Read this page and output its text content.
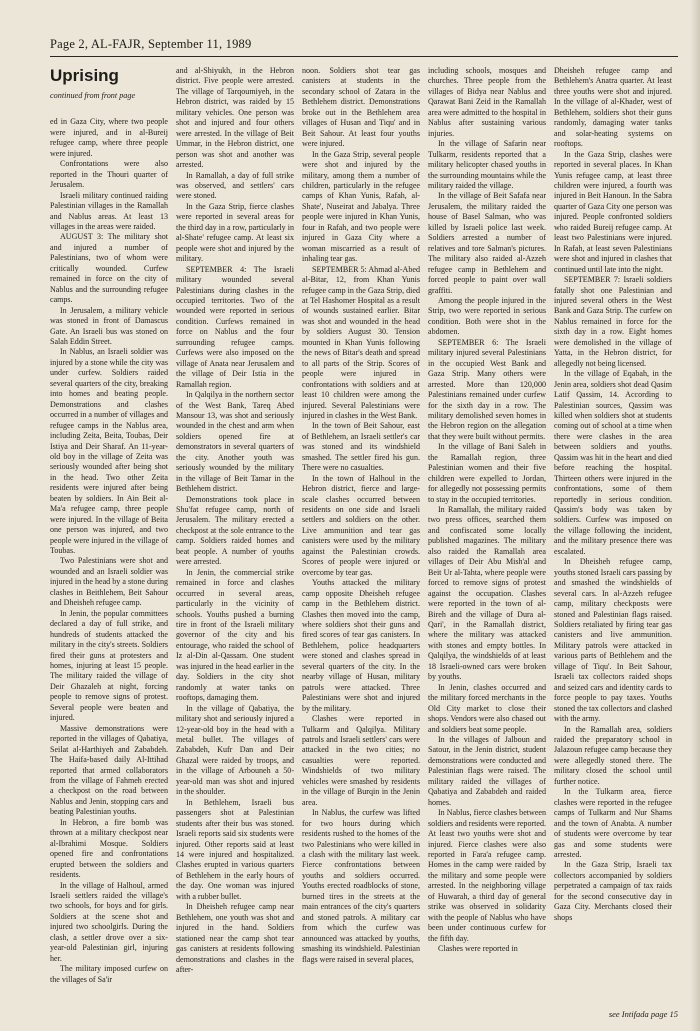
Page 2, AL-FAJR, September 11, 1989
Uprising
continued from front page

ed in Gaza City, where two people were injured, and in al-Bureij refugee camp, where three people were injured.

Confrontations were also reported in the Thouri quarter of Jerusalem.

Israeli military continued raiding Palestinian villages in the Ramallah and Nablus areas. At least 13 villages in the areas were raided.

AUGUST 3: The military shot and injured a number of Palestinians, two of whom were critically wounded. Curfew remained in force on the city of Nablus and the surrounding refugee camps.

In Jerusalem, a military vehicle was stoned in front of Damascus Gate. An Israeli bus was stoned on Salah Eddin Street.

In Nablus, an Israeli soldier was injured by a stone while the city was under curfew. Soldiers raided several quarters of the city, breaking into homes and beating people. Demonstrations and clashes occurred in a number of villages and refugee camps in the Nablus area, including Zeita, Beita, Toubas, Deir Istiya and Deir Sharaf. An 11-year-old boy in the village of Zeita was seriously wounded after being shot in the head. Two other Zeita residents were injured after being beaten by soldiers. In Ain Beit al-Ma'a refugee camp, three people were injured. In the village of Beita one person was injured, and two people were injured in the village of Toubas.

Two Palestinians were shot and wounded and an Israeli soldier was injured in the head by a stone during clashes in Beithlehem, Beit Sahour and Dheisheh refugee camp.

In Jenin, the popular committees declared a day of full strike, and hundreds of students attacked the military in the city's streets. Soldiers fired their guns at protesters and homes, injuring at least 15 people. The military raided the village of Deir Ghazaleh at night, forcing people to remove signs of protest. Several people were beaten and injured.

Massive demonstrations were reported in the villages of Qabatiya, Seilat al-Harthiyeh and Zababdeh. The Haifa-based daily Al-Ittihad reported that armed collaborators from the village of Fahmeh erected a checkpost on the road between Nablus and Jenin, stopping cars and beating Palestinian youths.

In Hebron, a fire bomb was thrown at a military checkpost near al-Ibrahimi Mosque. Soldiers opened fire and confrontations erupted between the soldiers and residents.

In the village of Halhoul, armed Israeli settlers raided the village's two schools, for boys and for girls. Soldiers at the scene shot and injured two schoolgirls. During the clash, a settler drove over a six-year-old Palestinian girl, injuring her.

The military imposed curfew on the villages of Sa'ir

and al-Shiyukh, in the Hebron district. Five people were arrested. The village of Tarqoumiyeh, in the Hebron district, was raided by 15 military vehicles. One person was shot and injured and four others were arrested. In the village of Beit Ummar, in the Hebron district, one person was shot and another was arrested.

In Ramallah, a day of full strike was observed, and settlers' cars were stoned.

In the Gaza Strip, fierce clashes were reported in several areas for the third day in a row, particularly in al-Shate' refugee camp. At least six people were shot and injured by the military.

SEPTEMBER 4: The Israeli military wounded several Palestinians during clashes in the occupied territories. Two of the wounded were reported in serious condition. Curfews remained in force on Nablus and the four surrounding refugee camps. Curfews were also imposed on the village of Anata near Jerusalem and the village of Deir Istia in the Ramallah region.

In Qalqilya in the northern sector of the West Bank, Tareq Abed Mansour 13, was shot and seriously wounded in the chest and arm when soldiers opened fire at demonstrators in several quarters of the city. Another youth was seriously wounded by the military in the village of Beit Tamar in the Bethlehem district.

Demonstrations took place in Shu'fat refugee camp, north of Jerusalem. The military erected a checkpost at the sole entrance to the camp. Soldiers raided homes and beat people. A number of youths were arrested.

In Jenin, the commercial strike remained in force and clashes occurred in several areas, particularly in the vicinity of schools. Youths pushed a burning tire in front of the Israeli military governor of the city and his entourage, who raided the school of Iz al-Din al-Qassam. One student was injured in the head earlier in the day. Soldiers in the city shot randomly at water tanks on rooftops, damaging them.

In the village of Qabatiya, the military shot and seriously injured a 12-year-old boy in the head with a metal bullet. The villages of Zababdeh, Kufr Dan and Deir Ghazal were raided by troops, and in the village of Arbouneh a 50-year-old man was shot and injured in the shoulder.

In Bethlehem, Israeli bus passengers shot at Palestinian students after their bus was stoned. Israeli reports said six students were injured. Other reports said at least 14 were injured and hospitalized. Clashes erupted in various quarters of Bethlehem in the early hours of the day. One woman was injured with a rubber bullet.

In Dheisheh refugee camp near Bethlehem, one youth was shot and injured in the hand. Soldiers stationed near the camp shot tear gas canisters at residents following demonstrations and clashes in the after-

noon. Soldiers shot tear gas canisters at students in the secondary school of Zatara in the Bethlehem district. Demonstrations broke out in the Bethlehem area villages of Husan and Tiqu' and in Beit Sahour. At least four youths were injured.

In the Gaza Strip, several people were shot and injured by the military, among them a number of children, particularly in the refugee camps of Khan Yunis, Rafah, al-Shate', Nuseirat and Jabalya. Three people were injured in Khan Yunis, four in Rafah, and two people were injured in Gaza City where a woman miscarried as a result of inhaling tear gas.

SEPTEMBER 5: Ahmad al-Abed al-Bitar, 12, from Khan Yunis refugee camp in the Gaza Strip, died at Tel Hashomer Hospital as a result of wounds sustained earlier. Bitar was shot and wounded in the head by soldiers August 30. Tension mounted in Khan Yunis following the news of Bitar's death and spread to all parts of the Strip. Scores of people were injured in confrontations with soldiers and at least 10 children were among the injured. Several Palestinians were injured in clashes in the West Bank.

In the town of Beit Sahour, east of Bethlehem, an Israeli settler's car was stoned and its windshield smashed. The settler fired his gun. There were no casualties.

In the town of Halhoul in the Hebron district, fierce and large-scale clashes occurred between residents on one side and Israeli settlers and soldiers on the other. Live ammunition and tear gas canisters were used by the military against the Palestinian crowds. Scores of people were injured or overcome by tear gas.

Youths attacked the military camp opposite Dheisheh refugee camp in the Bethlehem district. Clashes then moved into the camp, where soldiers shot their guns and fired scores of tear gas canisters. In Bethlehem, police headquarters were stoned and clashes spread in several quarters of the city. In the nearby village of Husan, military patrols were attacked. Three Palestinians were shot and injured by the military.

Clashes were reported in Tulkarm and Qalqilya. Military patrols and Israeli settlers' cars were attacked in the two cities; no casualties were reported. Windshields of two military vehicles were smashed by residents in the village of Burqin in the Jenin area.

In Nablus, the curfew was lifted for two hours during which residents rushed to the homes of the two Palestinians who were killed in a clash with the military last week. Fierce confrontations between youths and soldiers occurred. Youths erected roadblocks of stone, burned tires in the streets at the main entrances of the city's quarters and stoned patrols. A military car from which the curfew was announced was attacked by youths, smashing its windshield. Palestinian flags were raised in several places,

including schools, mosques and churches. Three people from the villages of Bidya near Nablus and Qarawat Bani Zeid in the Ramallah area were admitted to the hospital in Nablus after sustaining various injuries.

In the village of Safarin near Tulkarm, residents reported that a military helicopter chased youths in the surrounding mountains while the military raided the village.

In the village of Beit Safafa near Jerusalem, the military raided the house of Basel Salman, who was killed by Israeli police last week. Soldiers arrested a number of relatives and tore Salman's pictures. The military also raided al-Azzeh refugee camp in Bethlehem and forced people to paint over wall graffiti.

Among the people injured in the Strip, two were reported in serious condition. Both were shot in the abdomen.

SEPTEMBER 6: The Israeli military injured several Palestinians in the occupied West Bank and Gaza Strip. Many others were arrested. More than 120,000 Palestinians remained under curfew for the sixth day in a row. The military demolished seven homes in the Hebron region on the allegation that they were built without permits.

In the village of Bani Saleh in the Ramallah region, three Palestinian women and their five children were expelled to Jordan, for allegedly not possessing permits to stay in the occupied territories.

In Ramallah, the military raided two press offices, searched them and confiscated some locally published magazines. The military also raided the Ramallah area villages of Deir Abu Mish'al and Beit Ur al-Tahta, where people were forced to remove signs of protest against the occupation. Clashes were reported in the town of al-Bireh and the village of Dura al-Qari', in the Ramallah district, where the military was attacked with stones and empty bottles. In Qalqilya, the windshields of at least 18 Israeli-owned cars were broken by youths.

In Jenin, clashes occurred and the military forced merchants in the Old City market to close their shops. Vendors were also chased out and soldiers beat some people.

In the villages of Jalboun and Satour, in the Jenin district, student demonstrations were conducted and Palestinian flags were raised. The military raided the villages of Qabatiya and Zababdeh and raided homes.

In Nablus, fierce clashes between soldiers and residents were reported. At least two youths were shot and injured. Fierce clashes were also reported in Fara'a refugee camp. Homes in the camp were raided by the military and some people were arrested. In the neighboring village of Huwarah, a third day of general strike was observed in solidarity with the people of Nablus who have been under continuous curfew for the fifth day.

Clashes were reported in

Dheisheh refugee camp and Bethlehem's Anatra quarter. At least three youths were shot and injured. In the village of al-Khader, west of Bethlehem, soldiers shot their guns randomly, damaging water tanks and solar-heating systems on rooftops.

In the Gaza Strip, clashes were reported in several places. In Khan Yunis refugee camp, at least three children were injured, a fourth was injured in Beit Hanoun. In the Sabra quarter of Gaza City one person was injured. People confronted soldiers who raided Bureij refugee camp. At least two Palestinians were injured. In Rafah, at least seven Palestinians were shot and injured in clashes that continued until late into the night.

SEPTEMBER 7: Israeli soldiers fatally shot one Palestinian and injured several others in the West Bank and Gaza Strip. The curfew on Nablus remained in force for the sixth day in a row. Eight homes were demolished in the village of Yatta, in the Hebron district, for allegedly not being licensed.

In the village of Eqabah, in the Jenin area, soldiers shot dead Qasim Latif Qassim, 14. According to Palestinian sources, Qassim was killed when soldiers shot at students coming out of school at a time when there were clashes in the area between soldiers and youths. Qassim was hit in the heart and died before reaching the hospital. Thirteen others were injured in the confrontations, some of them reportedly in serious condition. Qassim's body was taken by soldiers. Curfew was imposed on the village following the incident, and the military presence there was escalated.

In Dheisheh refugee camp, youths stoned Israeli cars passing by and smashed the windshields of several cars. In al-Azzeh refugee camp, military checkposts were stoned and Palestinian flags raised. Soldiers retaliated by firing tear gas canisters and live ammunition. Military patrols were attacked in various parts of Bethlehem and the village of Tiqu'. In Beit Sahour, Israeli tax collectors raided shops and seized cars and identity cards to force people to pay taxes. Youths stoned the tax collectors and clashed with the army.

In the Ramallah area, soldiers raided the preparatory school in Jalazoun refugee camp because they were allegedly stoned there. The military closed the school until further notice.

In the Tulkarm area, fierce clashes were reported in the refugee camps of Tulkarm and Nur Shams and the town of Anabta. A number of students were overcome by tear gas and some students were arrested.

In the Gaza Strip, Israeli tax collectors accompanied by soldiers perpetrated a campaign of tax raids for the second consecutive day in Gaza City. Merchants closed their shops

see Intifada page 15
